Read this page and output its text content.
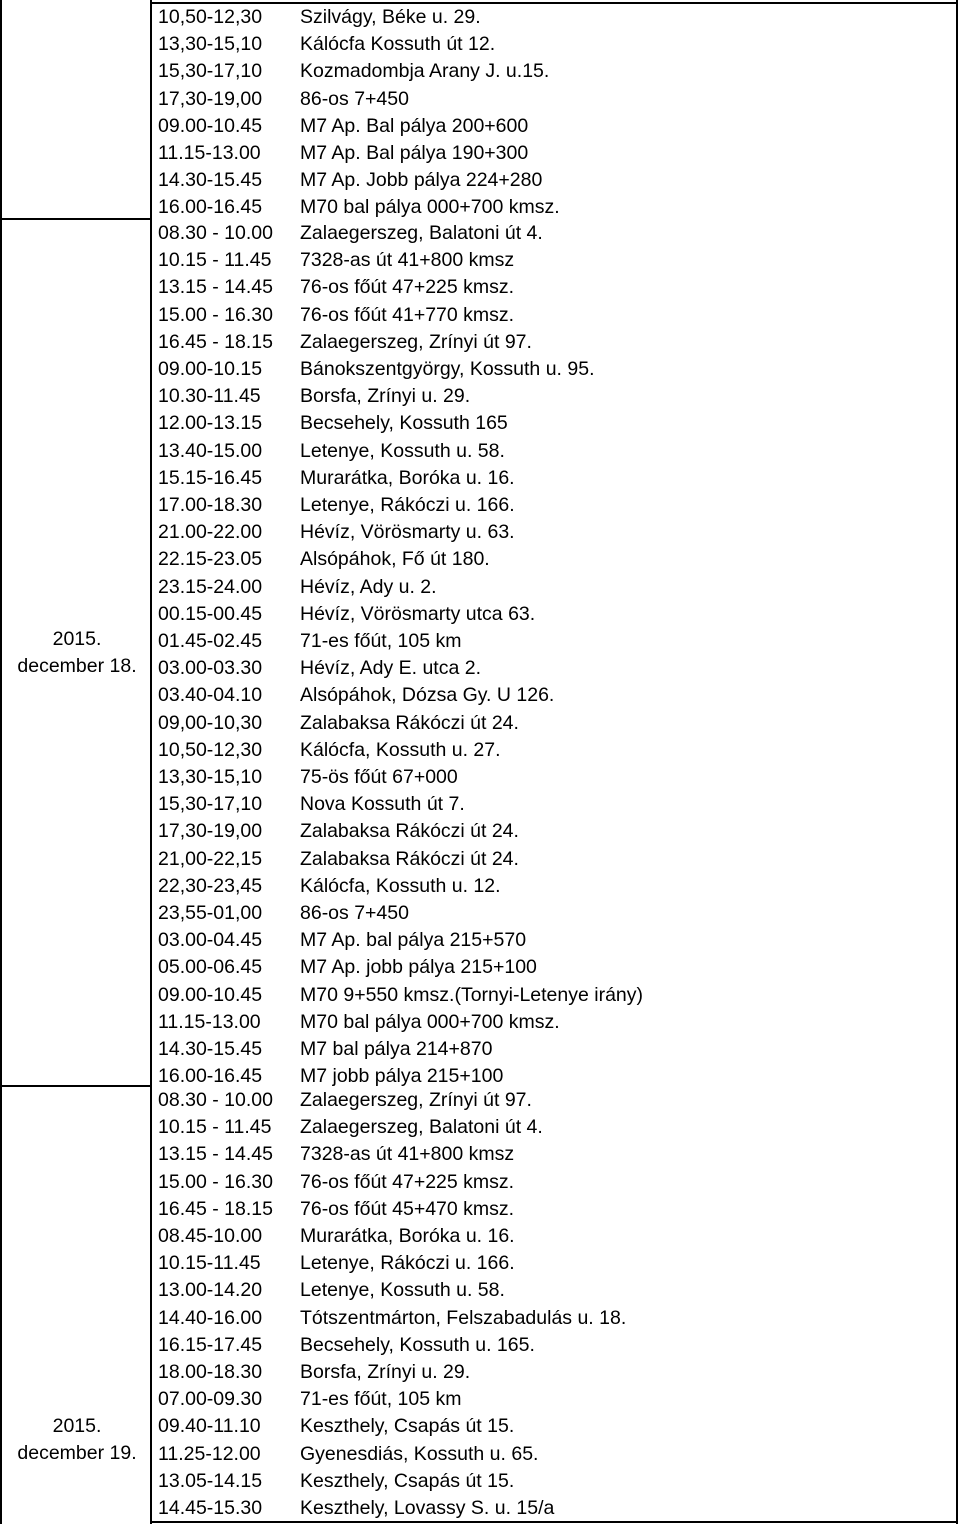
2015.
december 18.
2015.
december 19.
10,50-12,30 Szilvágy, Béke u. 29.
13,30-15,10 Kálócfa Kossuth út 12.
15,30-17,10 Kozmadombja Arany J. u.15.
17,30-19,00 86-os 7+450
09.00-10.45 M7 Ap. Bal pálya 200+600
11.15-13.00 M7 Ap. Bal pálya 190+300
14.30-15.45 M7 Ap. Jobb pálya 224+280
16.00-16.45 M70 bal pálya 000+700 kmsz.
08.30 - 10.00 Zalaegerszeg, Balatoni út 4.
10.15 - 11.45 7328-as út 41+800 kmsz
13.15 - 14.45 76-os főút 47+225 kmsz.
15.00 - 16.30 76-os főút 41+770 kmsz.
16.45 - 18.15 Zalaegerszeg, Zrínyi út 97.
09.00-10.15 Bánokszentgyörgy, Kossuth u. 95.
10.30-11.45 Borsfa, Zrínyi u. 29.
12.00-13.15 Becsehely, Kossuth 165
13.40-15.00 Letenye, Kossuth u. 58.
15.15-16.45 Murarátka, Boróka u. 16.
17.00-18.30 Letenye, Rákóczi u. 166.
21.00-22.00 Hévíz, Vörösmarty u. 63.
22.15-23.05 Alsópáhok, Fő út 180.
23.15-24.00 Hévíz, Ady u. 2.
00.15-00.45 Hévíz, Vörösmarty utca 63.
01.45-02.45 71-es főút, 105 km
03.00-03.30 Hévíz, Ady E. utca 2.
03.40-04.10 Alsópáhok, Dózsa Gy. U 126.
09,00-10,30 Zalabaksa Rákóczi út 24.
10,50-12,30 Kálócfa, Kossuth u. 27.
13,30-15,10 75-ös főút 67+000
15,30-17,10 Nova Kossuth út 7.
17,30-19,00 Zalabaksa Rákóczi út 24.
21,00-22,15 Zalabaksa Rákóczi út 24.
22,30-23,45 Kálócfa, Kossuth u. 12.
23,55-01,00 86-os 7+450
03.00-04.45 M7 Ap. bal pálya 215+570
05.00-06.45 M7 Ap. jobb pálya 215+100
09.00-10.45 M70 9+550 kmsz.(Tornyi-Letenye irány)
11.15-13.00 M70 bal pálya 000+700 kmsz.
14.30-15.45 M7 bal pálya 214+870
16.00-16.45 M7 jobb pálya 215+100
08.30 - 10.00 Zalaegerszeg, Zrínyi út 97.
10.15 - 11.45 Zalaegerszeg, Balatoni út 4.
13.15 - 14.45 7328-as út 41+800 kmsz
15.00 - 16.30 76-os főút 47+225 kmsz.
16.45 - 18.15 76-os főút 45+470 kmsz.
08.45-10.00 Murarátka, Boróka u. 16.
10.15-11.45 Letenye, Rákóczi u. 166.
13.00-14.20 Letenye, Kossuth u. 58.
14.40-16.00 Tótszentmárton, Felszabadulás u. 18.
16.15-17.45 Becsehely, Kossuth u. 165.
18.00-18.30 Borsfa, Zrínyi u. 29.
07.00-09.30 71-es főút, 105 km
09.40-11.10 Keszthely, Csapás út 15.
11.25-12.00 Gyenesdiás, Kossuth u. 65.
13.05-14.15 Keszthely, Csapás út 15.
14.45-15.30 Keszthely, Lovassy S. u. 15/a
